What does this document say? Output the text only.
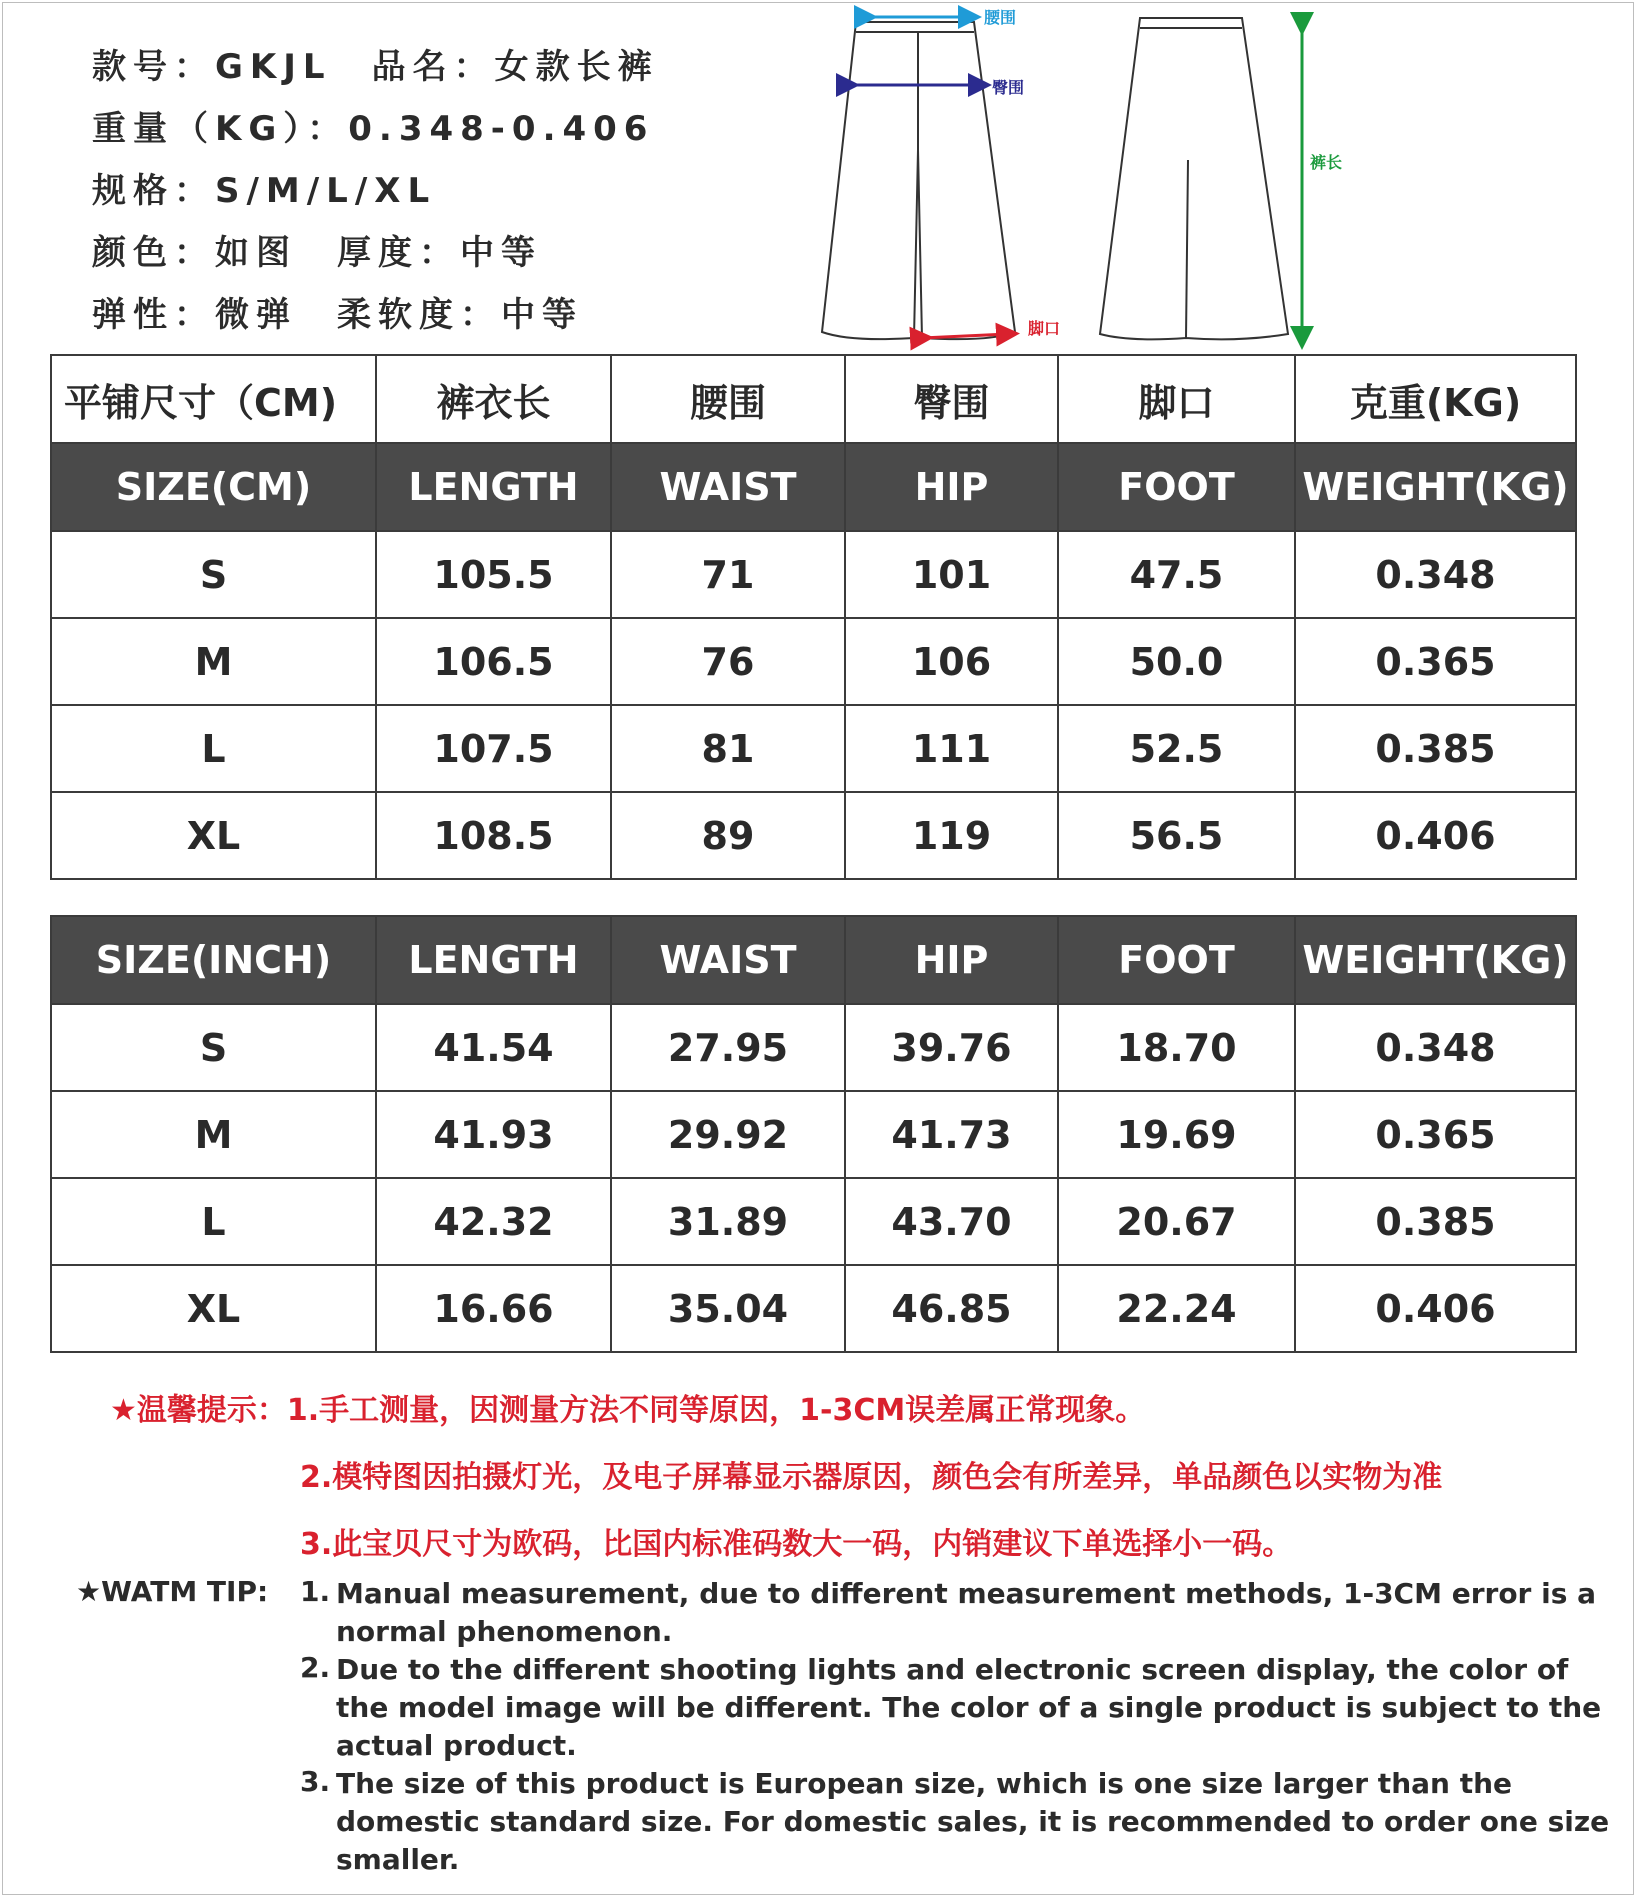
款号：GKJL 品名：女款长裤
重量（KG）：0.348-0.406
规格：S/M/L/XL
颜色：如图 厚度：中等
弹性：微弹 柔软度：中等
腰围
臀围
脚口
裤长
平铺尺寸（CM)	裤衣长	腰围	臀围	脚口	克重(KG)
SIZE(CM)	LENGTH	WAIST	HIP	FOOT	WEIGHT(KG)
S	105.5	71	101	47.5	0.348
M	106.5	76	106	50.0	0.365
L	107.5	81	111	52.5	0.385
XL	108.5	89	119	56.5	0.406
SIZE(INCH)	LENGTH	WAIST	HIP	FOOT	WEIGHT(KG)
S	41.54	27.95	39.76	18.70	0.348
M	41.93	29.92	41.73	19.69	0.365
L	42.32	31.89	43.70	20.67	0.385
XL	16.66	35.04	46.85	22.24	0.406
★温馨提示：1.手工测量，因测量方法不同等原因，1-3CM误差属正常现象。
2.模特图因拍摄灯光，及电子屏幕显示器原因，颜色会有所差异，单品颜色以实物为准
3.此宝贝尺寸为欧码，比国内标准码数大一码，内销建议下单选择小一码。
★WATM TIP: 1. Manual measurement, due to different measurement methods, 1-3CM error is a normal phenomenon.
2. Due to the different shooting lights and electronic screen display, the color of the model image will be different. The color of a single product is subject to the actual product.
3. The size of this product is European size, which is one size larger than the domestic standard size. For domestic sales, it is recommended to order one size smaller.
